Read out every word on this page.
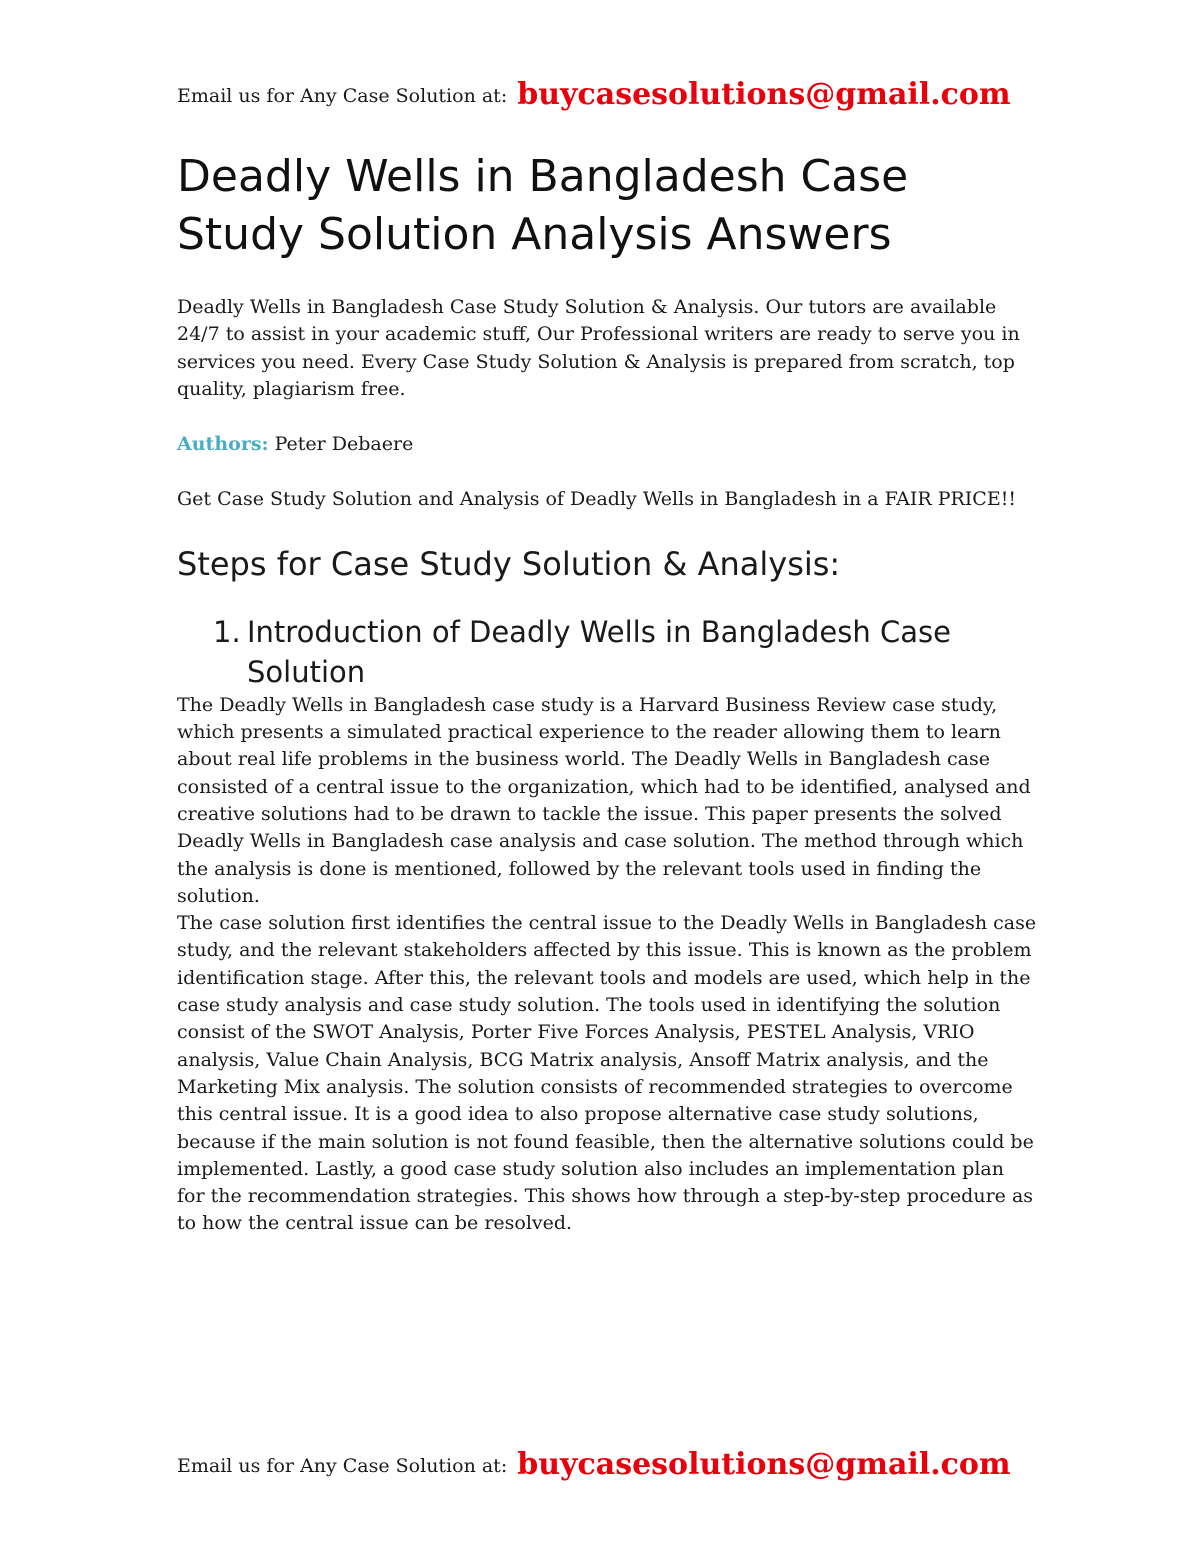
Email us for Any Case Solution at: buycasesolutions@gmail.com
Deadly Wells in Bangladesh Case Study Solution Analysis Answers

Deadly Wells in Bangladesh Case Study Solution & Analysis. Our tutors are available 24/7 to assist in your academic stuff, Our Professional writers are ready to serve you in services you need. Every Case Study Solution & Analysis is prepared from scratch, top quality, plagiarism free.

Authors: Peter Debaere

Get Case Study Solution and Analysis of Deadly Wells in Bangladesh in a FAIR PRICE!!

Steps for Case Study Solution & Analysis:
1. Introduction of Deadly Wells in Bangladesh Case Solution

The Deadly Wells in Bangladesh case study is a Harvard Business Review case study, which presents a simulated practical experience to the reader allowing them to learn about real life problems in the business world. The Deadly Wells in Bangladesh case consisted of a central issue to the organization, which had to be identified, analysed and creative solutions had to be drawn to tackle the issue. This paper presents the solved Deadly Wells in Bangladesh case analysis and case solution. The method through which the analysis is done is mentioned, followed by the relevant tools used in finding the solution.

The case solution first identifies the central issue to the Deadly Wells in Bangladesh case study, and the relevant stakeholders affected by this issue. This is known as the problem identification stage. After this, the relevant tools and models are used, which help in the case study analysis and case study solution. The tools used in identifying the solution consist of the SWOT Analysis, Porter Five Forces Analysis, PESTEL Analysis, VRIO analysis, Value Chain Analysis, BCG Matrix analysis, Ansoff Matrix analysis, and the Marketing Mix analysis. The solution consists of recommended strategies to overcome this central issue. It is a good idea to also propose alternative case study solutions, because if the main solution is not found feasible, then the alternative solutions could be implemented. Lastly, a good case study solution also includes an implementation plan for the recommendation strategies. This shows how through a step-by-step procedure as to how the central issue can be resolved.

Email us for Any Case Solution at: buycasesolutions@gmail.com
